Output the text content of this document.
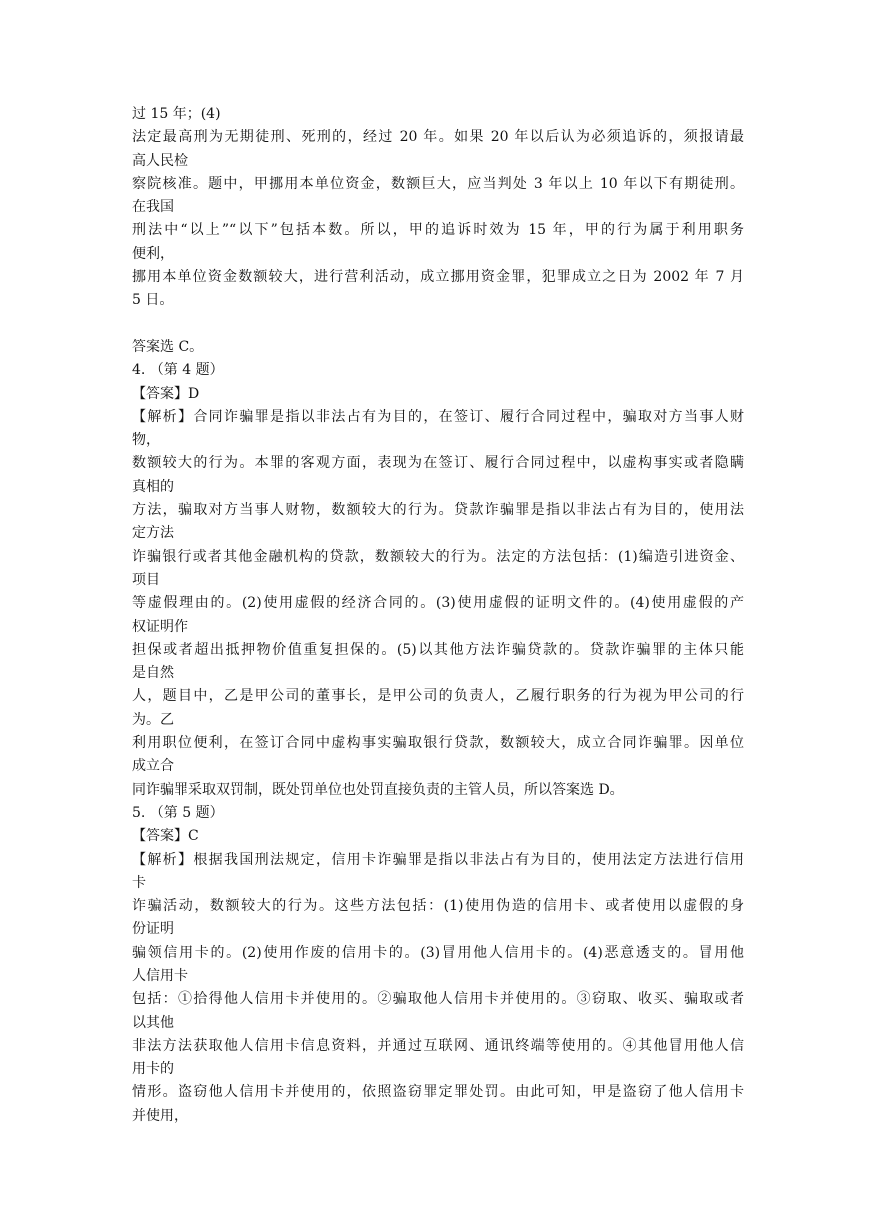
过 15 年；(4)
法定最高刑为无期徒刑、死刑的，经过 20 年。如果 20 年以后认为必须追诉的，须报请最
高人民检
察院核准。题中，甲挪用本单位资金，数额巨大，应当判处 3 年以上 10 年以下有期徒刑。
在我国
刑法中“以上”“以下”包括本数。所以，甲的追诉时效为 15 年，甲的行为属于利用职务
便利，
挪用本单位资金数额较大，进行营利活动，成立挪用资金罪，犯罪成立之日为 2002 年 7 月
5 日。
答案选 C。
4. （第 4 题）
【答案】D
【解析】合同诈骗罪是指以非法占有为目的，在签订、履行合同过程中，骗取对方当事人财
物，
数额较大的行为。本罪的客观方面，表现为在签订、履行合同过程中，以虚构事实或者隐瞒
真相的
方法，骗取对方当事人财物，数额较大的行为。贷款诈骗罪是指以非法占有为目的，使用法
定方法
诈骗银行或者其他金融机构的贷款，数额较大的行为。法定的方法包括：(1)编造引进资金、
项目
等虚假理由的。(2)使用虚假的经济合同的。(3)使用虚假的证明文件的。(4)使用虚假的产
权证明作
担保或者超出抵押物价值重复担保的。(5)以其他方法诈骗贷款的。贷款诈骗罪的主体只能
是自然
人，题目中，乙是甲公司的董事长，是甲公司的负责人，乙履行职务的行为视为甲公司的行
为。乙
利用职位便利，在签订合同中虚构事实骗取银行贷款，数额较大，成立合同诈骗罪。因单位
成立合
同诈骗罪采取双罚制，既处罚单位也处罚直接负责的主管人员，所以答案选 D。
5. （第 5 题）
【答案】C
【解析】根据我国刑法规定，信用卡诈骗罪是指以非法占有为目的，使用法定方法进行信用
卡
诈骗活动，数额较大的行为。这些方法包括：(1)使用伪造的信用卡、或者使用以虚假的身
份证明
骗领信用卡的。(2)使用作废的信用卡的。(3)冒用他人信用卡的。(4)恶意透支的。冒用他
人信用卡
包括：①拾得他人信用卡并使用的。②骗取他人信用卡并使用的。③窃取、收买、骗取或者
以其他
非法方法获取他人信用卡信息资料，并通过互联网、通讯终端等使用的。④其他冒用他人信
用卡的
情形。盗窃他人信用卡并使用的，依照盗窃罪定罪处罚。由此可知，甲是盗窃了他人信用卡
并使用，
